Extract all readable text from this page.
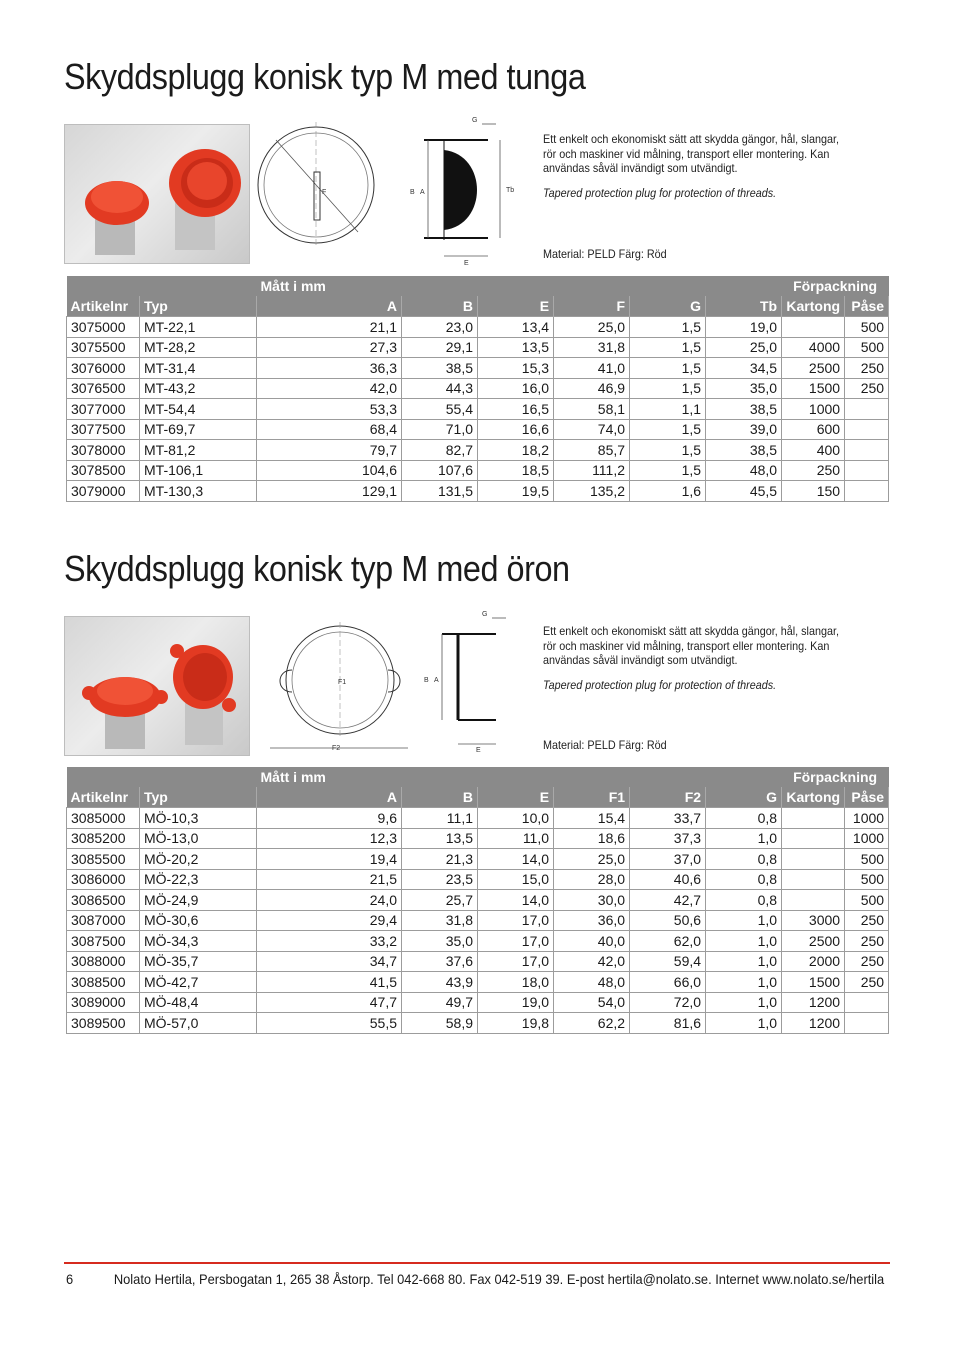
Skyddsplugg konisk typ M med tunga
F	B A	Tb
G
E

Ett enkelt och ekonomiskt sätt att skydda gängor, hål, slangar, rör och maskiner vid målning, transport eller montering. Kan användas såväl invändigt som utvändigt.

Tapered protection plug for protection of threads.

Material: PELD Färg: Röd
		Mått i mm						Förpackning	
Artikelnr	Typ	A	B	E	F	G	Tb	Kartong	Påse
3075000	MT-22,1	21,1	23,0	13,4	25,0	1,5	19,0		500
3075500	MT-28,2	27,3	29,1	13,5	31,8	1,5	25,0	4000	500
3076000	MT-31,4	36,3	38,5	15,3	41,0	1,5	34,5	2500	250
3076500	MT-43,2	42,0	44,3	16,0	46,9	1,5	35,0	1500	250
3077000	MT-54,4	53,3	55,4	16,5	58,1	1,1	38,5	1000	
3077500	MT-69,7	68,4	71,0	16,6	74,0	1,5	39,0	600	
3078000	MT-81,2	79,7	82,7	18,2	85,7	1,5	38,5	400	
3078500	MT-106,1	104,6	107,6	18,5	111,2	1,5	48,0	250	
3079000	MT-130,3	129,1	131,5	19,5	135,2	1,6	45,5	150	
Skyddsplugg konisk typ M med öron
F1
F2
B A
G
E

Ett enkelt och ekonomiskt sätt att skydda gängor, hål, slangar, rör och maskiner vid målning, transport eller montering. Kan användas såväl invändigt som utvändigt.

Tapered protection plug for protection of threads.

Material: PELD Färg: Röd
		Mått i mm						Förpackning	
Artikelnr	Typ	A	B	E	F1	F2	G	Kartong	Påse
3085000	MÖ-10,3	9,6	11,1	10,0	15,4	33,7	0,8		1000
3085200	MÖ-13,0	12,3	13,5	11,0	18,6	37,3	1,0		1000
3085500	MÖ-20,2	19,4	21,3	14,0	25,0	37,0	0,8		500
3086000	MÖ-22,3	21,5	23,5	15,0	28,0	40,6	0,8		500
3086500	MÖ-24,9	24,0	25,7	14,0	30,0	42,7	0,8		500
3087000	MÖ-30,6	29,4	31,8	17,0	36,0	50,6	1,0	3000	250
3087500	MÖ-34,3	33,2	35,0	17,0	40,0	62,0	1,0	2500	250
3088000	MÖ-35,7	34,7	37,6	17,0	42,0	59,4	1,0	2000	250
3088500	MÖ-42,7	41,5	43,9	18,0	48,0	66,0	1,0	1500	250
3089000	MÖ-48,4	47,7	49,7	19,0	54,0	72,0	1,0	1200	
3089500	MÖ-57,0	55,5	58,9	19,8	62,2	81,6	1,0	1200	
6	Nolato Hertila, Persbogatan 1, 265 38 Åstorp. Tel 042-668 80. Fax 042-519 39. E-post hertila@nolato.se. Internet www.nolato.se/hertila
